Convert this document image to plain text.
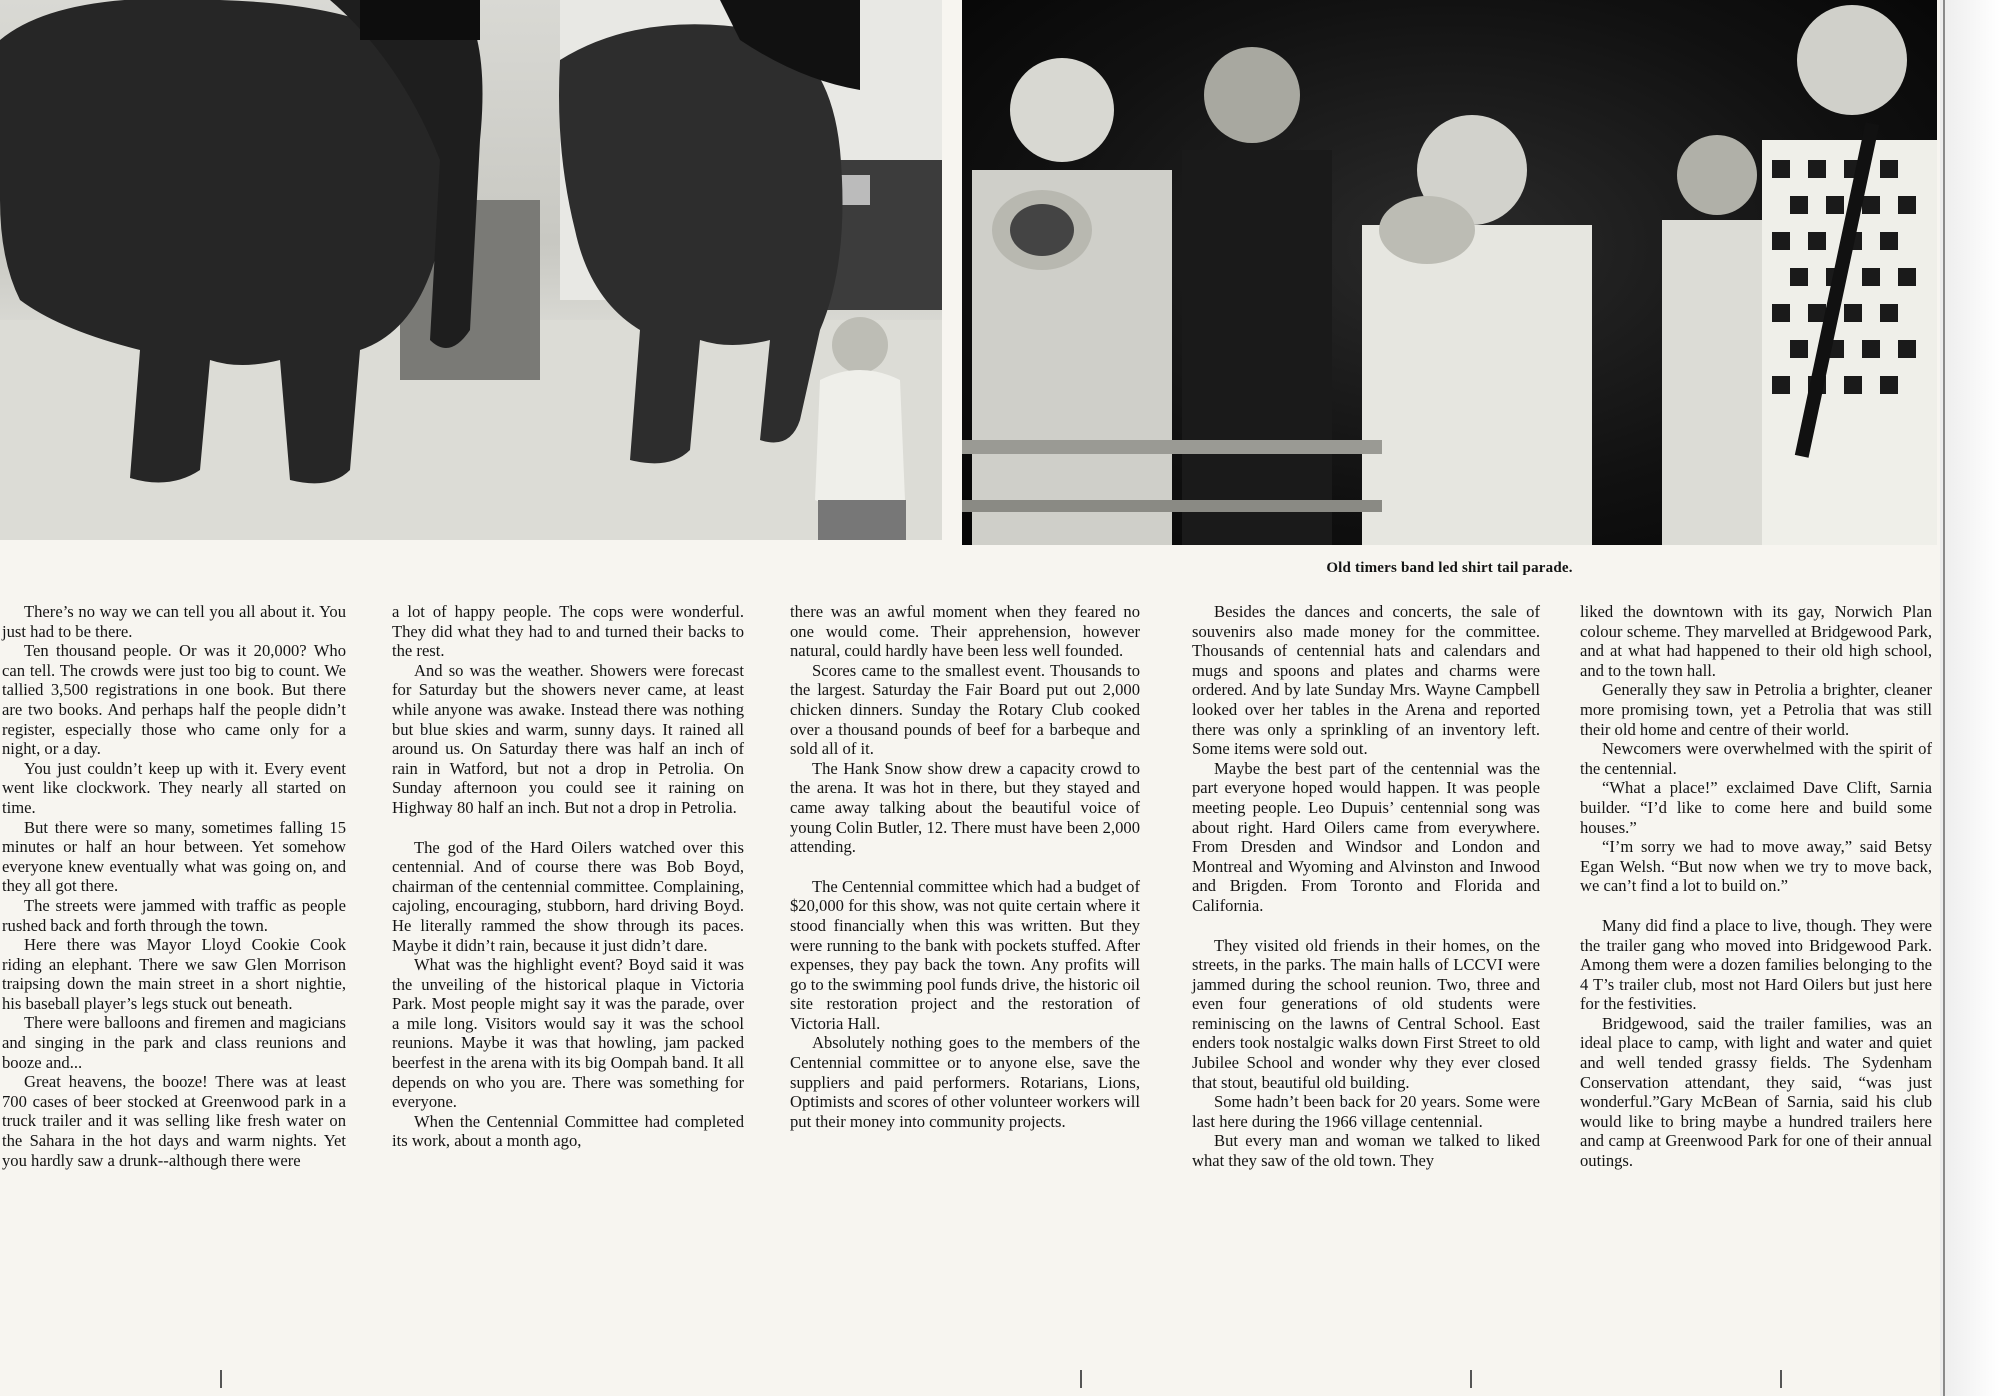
Old timers band led shirt tail parade.

There’s no way we can tell you all about it. You just had to be there.

Ten thousand people. Or was it 20,000? Who can tell. The crowds were just too big to count. We tallied 3,500 registrations in one book. But there are two books. And perhaps half the people didn’t register, especially those who came only for a night, or a day.

You just couldn’t keep up with it. Every event went like clockwork. They nearly all started on time.

But there were so many, sometimes falling 15 minutes or half an hour between. Yet somehow everyone knew eventually what was going on, and they all got there.

The streets were jammed with traffic as people rushed back and forth through the town.

Here there was Mayor Lloyd Cookie Cook riding an elephant. There we saw Glen Morrison traipsing down the main street in a short nightie, his baseball player’s legs stuck out beneath.

There were balloons and firemen and magicians and singing in the park and class reunions and booze and...

Great heavens, the booze! There was at least 700 cases of beer stocked at Greenwood park in a truck trailer and it was selling like fresh water on the Sahara in the hot days and warm nights. Yet you hardly saw a drunk--although there were

a lot of happy people. The cops were wonderful. They did what they had to and turned their backs to the rest.

And so was the weather. Showers were forecast for Saturday but the showers never came, at least while anyone was awake. Instead there was nothing but blue skies and warm, sunny days. It rained all around us. On Saturday there was half an inch of rain in Watford, but not a drop in Petrolia. On Sunday afternoon you could see it raining on Highway 80 half an inch. But not a drop in Petrolia.

The god of the Hard Oilers watched over this centennial. And of course there was Bob Boyd, chairman of the centennial committee. Complaining, cajoling, encouraging, stubborn, hard driving Boyd. He literally rammed the show through its paces. Maybe it didn’t rain, because it just didn’t dare.

What was the highlight event? Boyd said it was the unveiling of the historical plaque in Victoria Park. Most people might say it was the parade, over a mile long. Visitors would say it was the school reunions. Maybe it was that howling, jam packed beerfest in the arena with its big Oompah band. It all depends on who you are. There was something for everyone.

When the Centennial Committee had completed its work, about a month ago,

there was an awful moment when they feared no one would come. Their apprehension, however natural, could hardly have been less well founded.

Scores came to the smallest event. Thousands to the largest. Saturday the Fair Board put out 2,000 chicken dinners. Sunday the Rotary Club cooked over a thousand pounds of beef for a barbeque and sold all of it.

The Hank Snow show drew a capacity crowd to the arena. It was hot in there, but they stayed and came away talking about the beautiful voice of young Colin Butler, 12. There must have been 2,000 attending.

The Centennial committee which had a budget of $20,000 for this show, was not quite certain where it stood financially when this was written. But they were running to the bank with pockets stuffed. After expenses, they pay back the town. Any profits will go to the swimming pool funds drive, the historic oil site restoration project and the restoration of Victoria Hall.

Absolutely nothing goes to the members of the Centennial committee or to anyone else, save the suppliers and paid performers. Rotarians, Lions, Optimists and scores of other volunteer workers will put their money into community projects.

Besides the dances and concerts, the sale of souvenirs also made money for the committee. Thousands of centennial hats and calendars and mugs and spoons and plates and charms were ordered. And by late Sunday Mrs. Wayne Campbell looked over her tables in the Arena and reported there was only a sprinkling of an inventory left. Some items were sold out.

Maybe the best part of the centennial was the part everyone hoped would happen. It was people meeting people. Leo Dupuis’ centennial song was about right. Hard Oilers came from everywhere. From Dresden and Windsor and London and Montreal and Wyoming and Alvinston and Inwood and Brigden. From Toronto and Florida and California.

They visited old friends in their homes, on the streets, in the parks. The main halls of LCCVI were jammed during the school reunion. Two, three and even four generations of old students were reminiscing on the lawns of Central School. East enders took nostalgic walks down First Street to old Jubilee School and wonder why they ever closed that stout, beautiful old building.

Some hadn’t been back for 20 years. Some were last here during the 1966 village centennial.

But every man and woman we talked to liked what they saw of the old town. They

liked the downtown with its gay, Norwich Plan colour scheme. They marvelled at Bridgewood Park, and at what had happened to their old high school, and to the town hall.

Generally they saw in Petrolia a brighter, cleaner more promising town, yet a Petrolia that was still their old home and centre of their world.

Newcomers were overwhelmed with the spirit of the centennial.

“What a place!” exclaimed Dave Clift, Sarnia builder. “I’d like to come here and build some houses.”

“I’m sorry we had to move away,” said Betsy Egan Welsh. “But now when we try to move back, we can’t find a lot to build on.”

Many did find a place to live, though. They were the trailer gang who moved into Bridgewood Park. Among them were a dozen families belonging to the 4 T’s trailer club, most not Hard Oilers but just here for the festivities.

Bridgewood, said the trailer families, was an ideal place to camp, with light and water and quiet and well tended grassy fields. The Sydenham Conservation attendant, they said, “was just wonderful.”Gary McBean of Sarnia, said his club would like to bring maybe a hundred trailers here and camp at Greenwood Park for one of their annual outings.
